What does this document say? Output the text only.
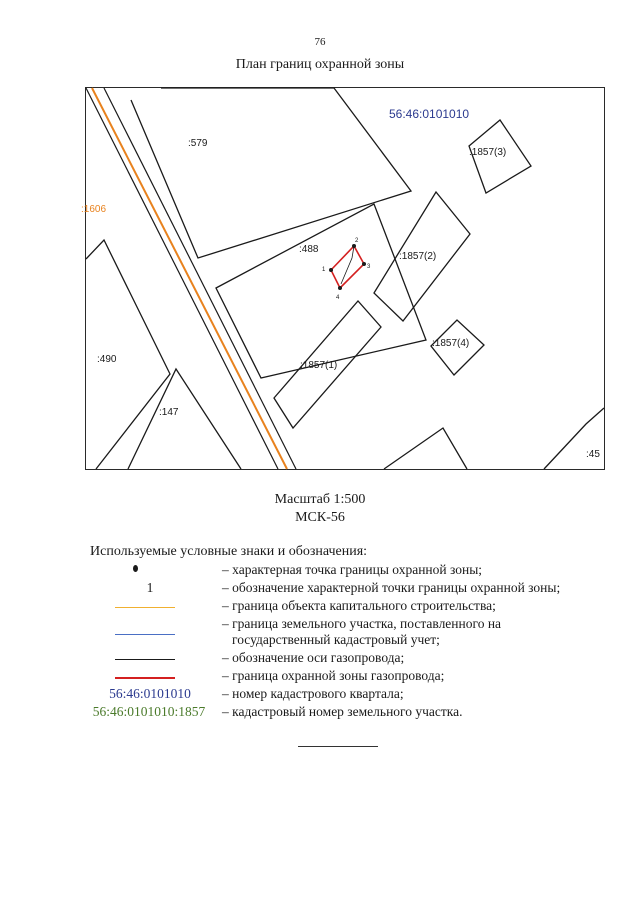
76
План границ охранной зоны
1
2
3
4
56:46:0101010
:579
:1857(3)
:1606
:488
:1857(2)
:1857(4)
:490
:1857(1)
:147
:45
Масштаб 1:500
МСК-56
Используемые условные знаки и обозначения:
– характерная точка границы охранной зоны;
1	– обозначение характерной точки границы охранной зоны;
– граница объекта капитального строительства;
– граница земельного участка, поставленного на
государственный кадастровый учет;
– обозначение оси газопровода;
– граница охранной зоны газопровода;
56:46:0101010	– номер кадастрового квартала;
56:46:0101010:1857	– кадастровый номер земельного участка.
